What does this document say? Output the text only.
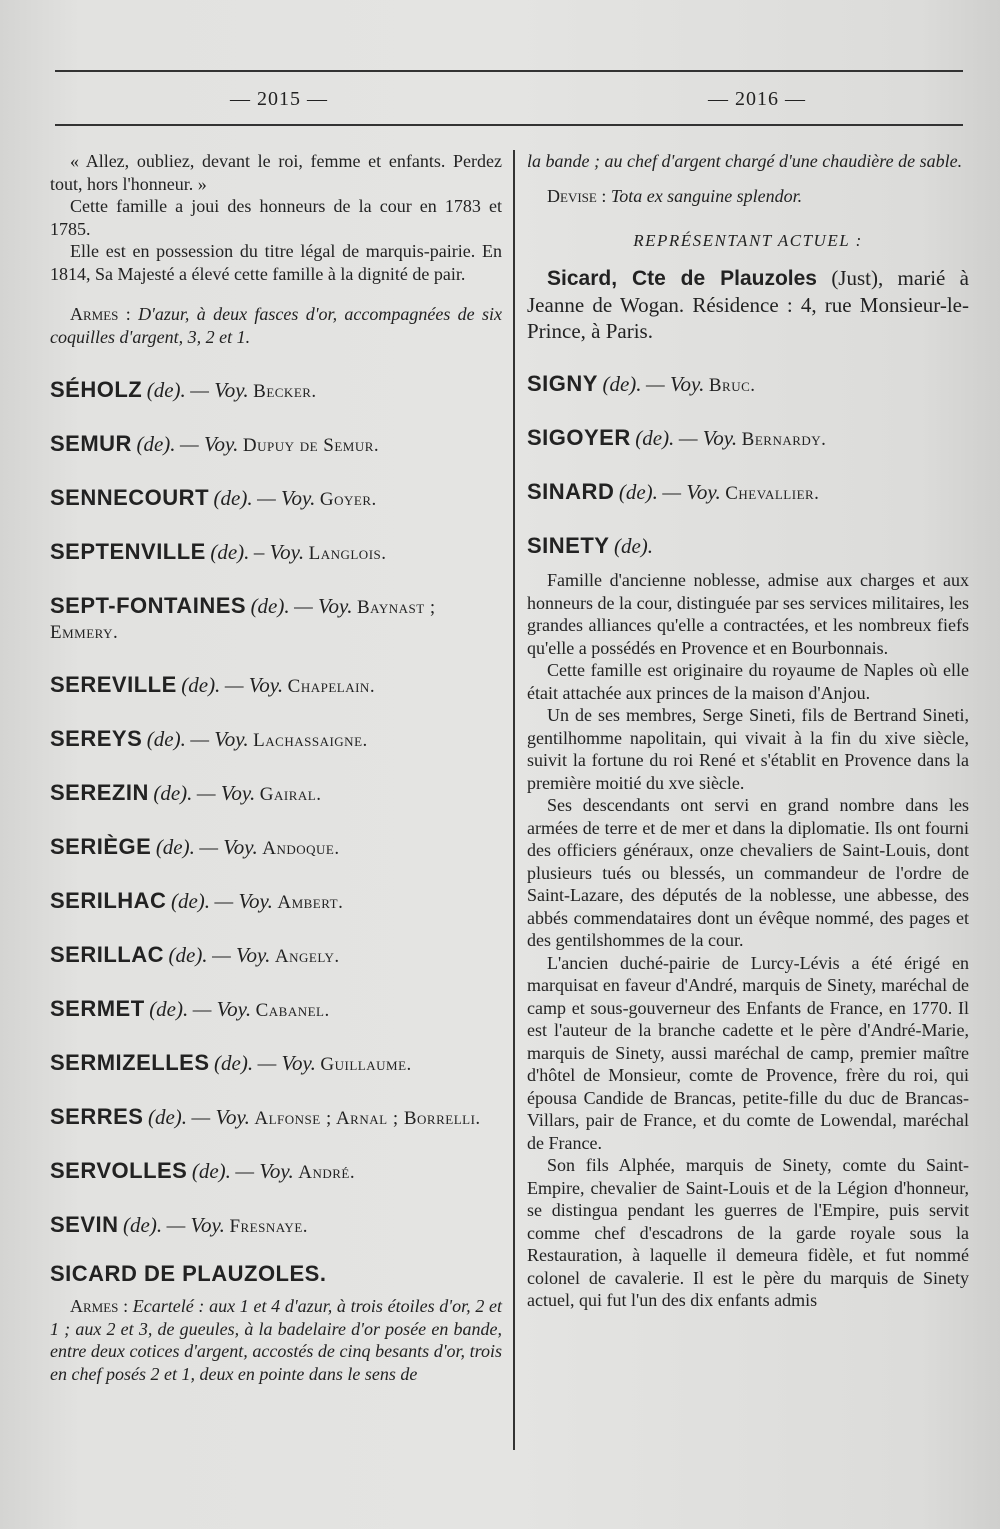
— 2015 —	— 2016 —

« Allez, oubliez, devant le roi, femme et enfants. Perdez tout, hors l'honneur. »

Cette famille a joui des honneurs de la cour en 1783 et 1785.

Elle est en possession du titre légal de marquis-pairie. En 1814, Sa Majesté a élevé cette famille à la dignité de pair.

Armes : D'azur, à deux fasces d'or, accompagnées de six coquilles d'argent, 3, 2 et 1.

SÉHOLZ (de). — Voy. Becker.
SEMUR (de). — Voy. Dupuy de Semur.
SENNECOURT (de). — Voy. Goyer.
SEPTENVILLE (de). – Voy. Langlois.
SEPT-FONTAINES (de). — Voy. Baynast ; Emmery.
SEREVILLE (de). — Voy. Chapelain.
SEREYS (de). — Voy. Lachassaigne.
SEREZIN (de). — Voy. Gairal.
SERIÈGE (de). — Voy. Andoque.
SERILHAC (de). — Voy. Ambert.
SERILLAC (de). — Voy. Angely.
SERMET (de). — Voy. Cabanel.
SERMIZELLES (de). — Voy. Guillaume.
SERRES (de). — Voy. Alfonse ; Arnal ; Borrelli.
SERVOLLES (de). — Voy. André.
SEVIN (de). — Voy. Fresnaye.
SICARD DE PLAUZOLES.

Armes : Ecartelé : aux 1 et 4 d'azur, à trois étoiles d'or, 2 et 1 ; aux 2 et 3, de gueules, à la badelaire d'or posée en bande, entre deux cotices d'argent, accostés de cinq besants d'or, trois en chef posés 2 et 1, deux en pointe dans le sens de

la bande ; au chef d'argent chargé d'une chaudière de sable.

Devise : Tota ex sanguine splendor.

REPRÉSENTANT ACTUEL :

Sicard, Cte de Plauzoles (Just), marié à Jeanne de Wogan. Résidence : 4, rue Monsieur-le-Prince, à Paris.

SIGNY (de). — Voy. Bruc.
SIGOYER (de). — Voy. Bernardy.
SINARD (de). — Voy. Chevallier.
SINETY (de).

Famille d'ancienne noblesse, admise aux charges et aux honneurs de la cour, distinguée par ses services militaires, les grandes alliances qu'elle a contractées, et les nombreux fiefs qu'elle a possédés en Provence et en Bourbonnais.

Cette famille est originaire du royaume de Naples où elle était attachée aux princes de la maison d'Anjou.

Un de ses membres, Serge Sineti, fils de Bertrand Sineti, gentilhomme napolitain, qui vivait à la fin du xive siècle, suivit la fortune du roi René et s'établit en Provence dans la première moitié du xve siècle.

Ses descendants ont servi en grand nombre dans les armées de terre et de mer et dans la diplomatie. Ils ont fourni des officiers généraux, onze chevaliers de Saint-Louis, dont plusieurs tués ou blessés, un commandeur de l'ordre de Saint-Lazare, des députés de la noblesse, une abbesse, des abbés commendataires dont un évêque nommé, des pages et des gentilshommes de la cour.

L'ancien duché-pairie de Lurcy-Lévis a été érigé en marquisat en faveur d'André, marquis de Sinety, maréchal de camp et sous-gouverneur des Enfants de France, en 1770. Il est l'auteur de la branche cadette et le père d'André-Marie, marquis de Sinety, aussi maréchal de camp, premier maître d'hôtel de Monsieur, comte de Provence, frère du roi, qui épousa Candide de Brancas, petite-fille du duc de Brancas-Villars, pair de France, et du comte de Lowendal, maréchal de France.

Son fils Alphée, marquis de Sinety, comte du Saint-Empire, chevalier de Saint-Louis et de la Légion d'honneur, se distingua pendant les guerres de l'Empire, puis servit comme chef d'escadrons de la garde royale sous la Restauration, à laquelle il demeura fidèle, et fut nommé colonel de cavalerie. Il est le père du marquis de Sinety actuel, qui fut l'un des dix enfants admis
